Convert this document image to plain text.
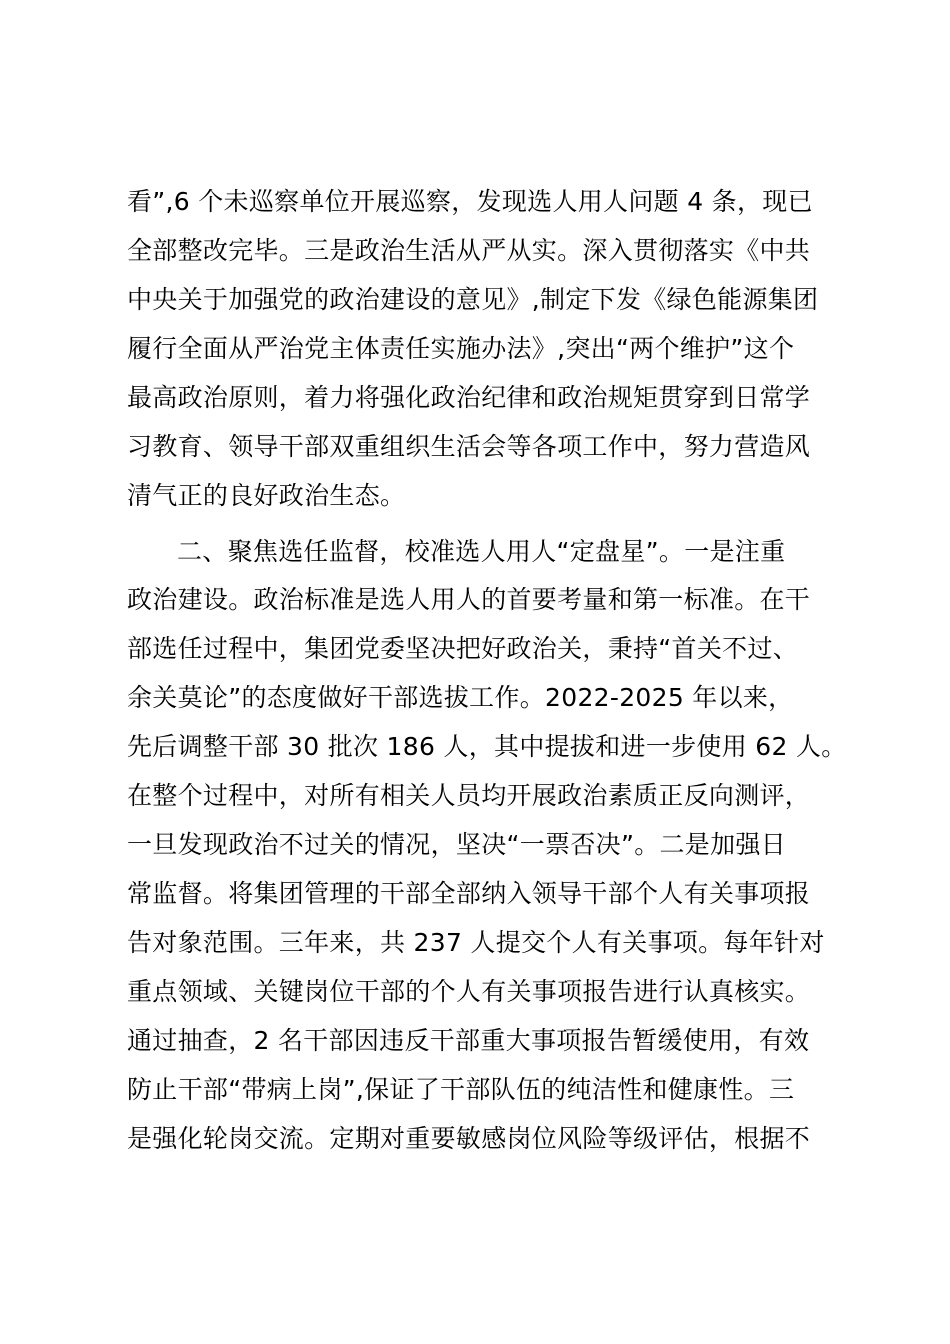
看”,6 个未巡察单位开展巡察，发现选人用人问题 4 条，现已
全部整改完毕。三是政治生活从严从实。深入贯彻落实《中共
中央关于加强党的政治建设的意见》,制定下发《绿色能源集团
履行全面从严治党主体责任实施办法》,突出“两个维护”这个
最高政治原则，着力将强化政治纪律和政治规矩贯穿到日常学
习教育、领导干部双重组织生活会等各项工作中，努力营造风
清气正的良好政治生态。
二、聚焦选任监督，校准选人用人“定盘星”。一是注重
政治建设。政治标准是选人用人的首要考量和第一标准。在干
部选任过程中，集团党委坚决把好政治关，秉持“首关不过、
余关莫论”的态度做好干部选拔工作。2022-2025 年以来，
先后调整干部 30 批次 186 人，其中提拔和进一步使用 62 人。
在整个过程中，对所有相关人员均开展政治素质正反向测评，
一旦发现政治不过关的情况，坚决“一票否决”。二是加强日
常监督。将集团管理的干部全部纳入领导干部个人有关事项报
告对象范围。三年来，共 237 人提交个人有关事项。每年针对
重点领域、关键岗位干部的个人有关事项报告进行认真核实。
通过抽查，2 名干部因违反干部重大事项报告暂缓使用，有效
防止干部“带病上岗”,保证了干部队伍的纯洁性和健康性。三
是强化轮岗交流。定期对重要敏感岗位风险等级评估，根据不
